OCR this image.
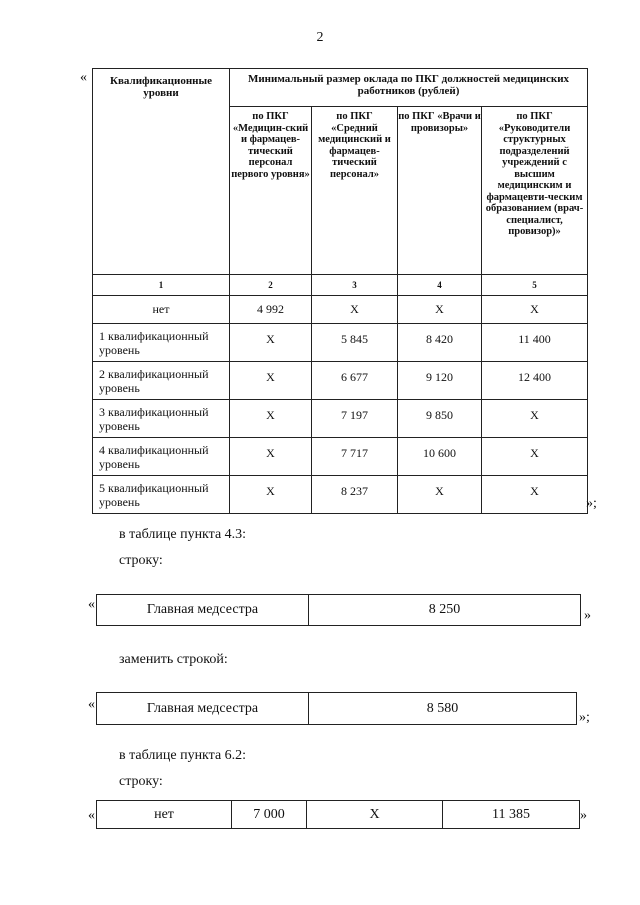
2
« Квалификационные уровни	Минимальный размер оклада по ПКГ должностей медицинских работников (рублей)			
	по ПКГ «Медицин-ский и фармацев-тический персонал первого уровня»	по ПКГ «Средний медицинский и фармацев-тический персонал»	по ПКГ «Врачи и провизоры»	по ПКГ «Руководители структурных подразделений учреждений с высшим медицинским и фармацевти-ческим образованием (врач-специалист, провизор)»
1	2	3	4	5
нет	4 992	Х	Х	Х
1 квалификационный уровень	Х	5 845	8 420	11 400
2 квалификационный уровень	Х	6 677	9 120	12 400
3 квалификационный уровень	Х	7 197	9 850	Х
4 квалификационный уровень	Х	7 717	10 600	Х
5 квалификационный уровень	Х	8 237	Х	Х
»;
в таблице пункта 4.3:
строку:
«	Главная медсестра	8 250	»
заменить строкой:
«	Главная медсестра	8 580
»;
в таблице пункта 6.2:
строку:
«	нет	7 000	Х	11 385	»
